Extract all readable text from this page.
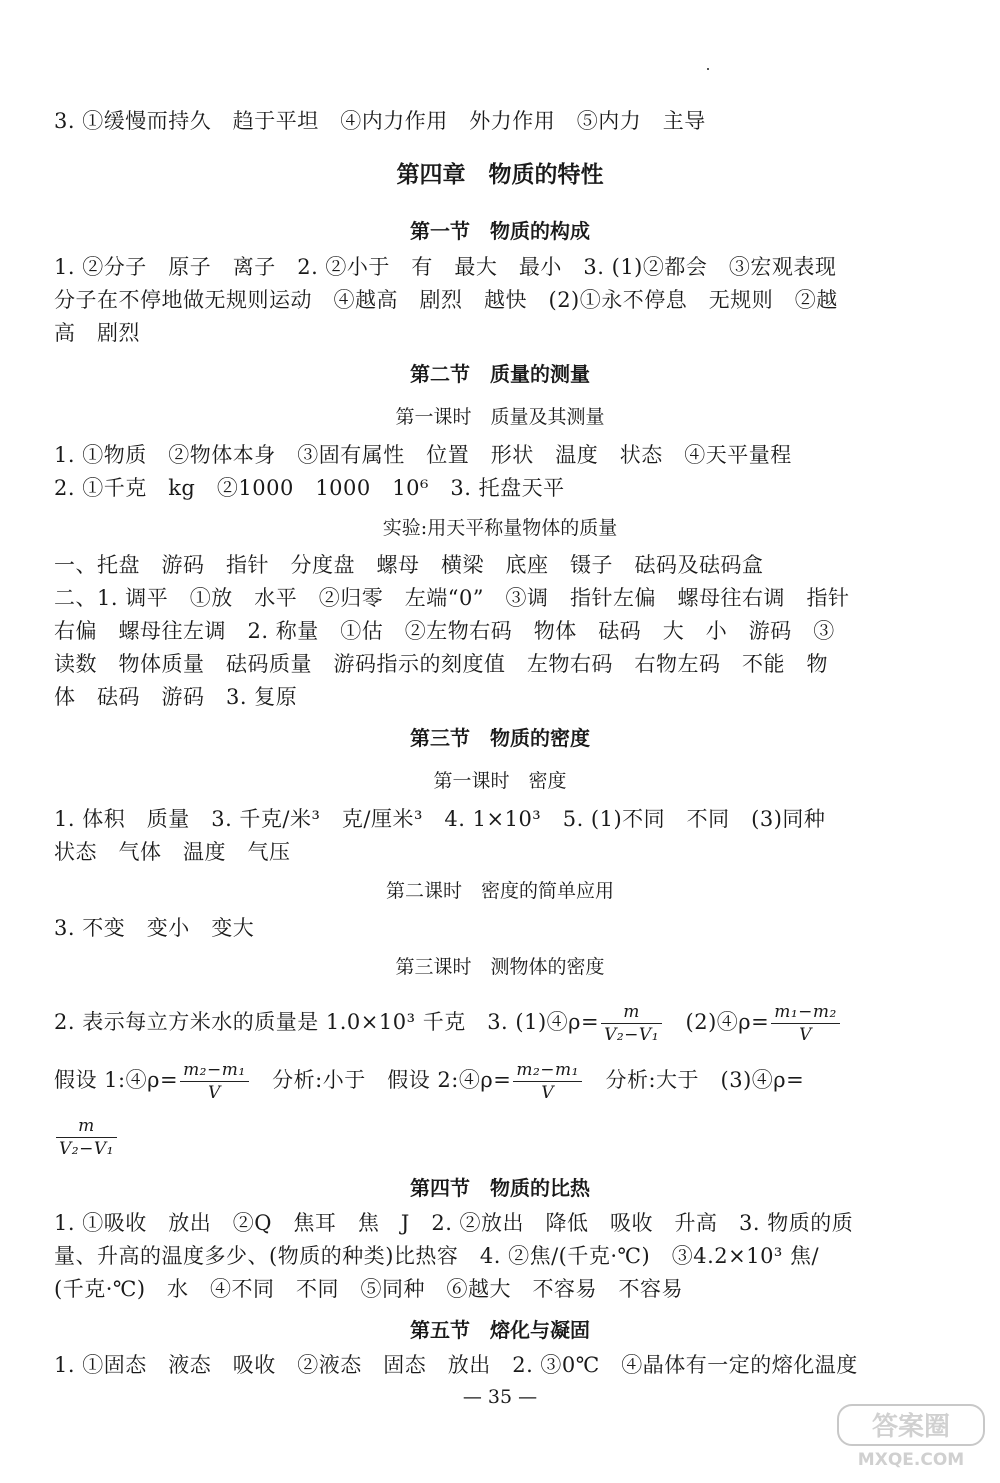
3. ①缓慢而持久　趋于平坦　④内力作用　外力作用　⑤内力　主导
第四章　物质的特性
第一节　物质的构成
1. ②分子　原子　离子　2. ②小于　有　最大　最小　3. (1)②都会　③宏观表现
分子在不停地做无规则运动　④越高　剧烈　越快　(2)①永不停息　无规则　②越
高　剧烈
第二节　质量的测量
第一课时　质量及其测量
1. ①物质　②物体本身　③固有属性　位置　形状　温度　状态　④天平量程
2. ①千克　kg　②1000　1000　10⁶　3. 托盘天平
实验:用天平称量物体的质量
一、托盘　游码　指针　分度盘　螺母　横梁　底座　镊子　砝码及砝码盒
二、1. 调平　①放　水平　②归零　左端“0”　③调　指针左偏　螺母往右调　指针
右偏　螺母往左调　2. 称量　①估　②左物右码　物体　砝码　大　小　游码　③
读数　物体质量　砝码质量　游码指示的刻度值　左物右码　右物左码　不能　物
体　砝码　游码　3. 复原
第三节　物质的密度
第一课时　密度
1. 体积　质量　3. 千克/米³　克/厘米³　4. 1×10³　5. (1)不同　不同　(3)同种
状态　气体　温度　气压
第二课时　密度的简单应用
3. 不变　变小　变大
第三课时　测物体的密度
2. 表示每立方米水的质量是 1.0×10³ 千克　3. (1)④ρ= $\frac{m}{\text{V₂−V₁}}$ 　(2)④ρ= $\frac{\text{m₁−m₂}}{V}$
假设 1:④ρ= $\frac{\text{m₂−m₁}}{V}$ 　分析:小于　假设 2:④ρ= $\frac{\text{m₂−m₁}}{V}$ 　分析:大于　(3)④ρ=
$\frac{m}{\text{V₂−V₁}}$
第四节　物质的比热
1. ①吸收　放出　②Q　焦耳　焦　J　2. ②放出　降低　吸收　升高　3. 物质的质
量、升高的温度多少、(物质的种类)比热容　4. ②焦/(千克·℃)　③4.2×10³ 焦/
(千克·℃)　水　④不同　不同　⑤同种　⑥越大　不容易　不容易
第五节　熔化与凝固
1. ①固态　液态　吸收　②液态　固态　放出　2. ③0℃　④晶体有一定的熔化温度
— 35 —
答案圈
MXQE.COM
